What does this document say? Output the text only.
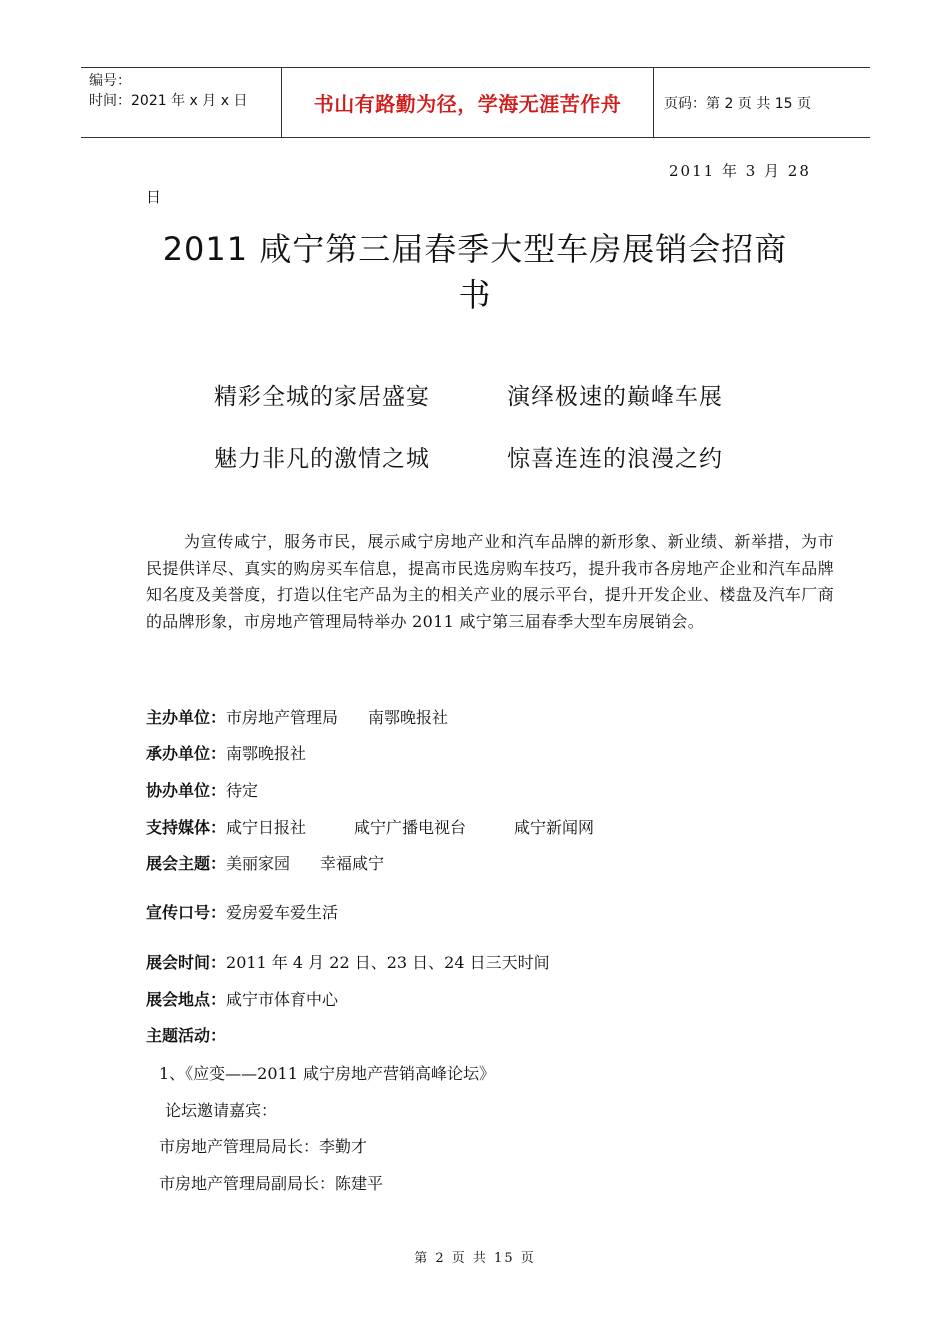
编号：
时间：2021 年 x 月 x 日	书山有路勤为径，学海无涯苦作舟	页码：第 2 页 共 15 页
2011 年 3 月 28
日
2011 咸宁第三届春季大型车房展销会招商
书
精彩全城的家居盛宴	演绎极速的巅峰车展
魅力非凡的激情之城	惊喜连连的浪漫之约
为宣传咸宁，服务市民，展示咸宁房地产业和汽车品牌的新形象、新业绩、新举措，为市民提供详尽、真实的购房买车信息，提高市民选房购车技巧，提升我市各房地产企业和汽车品牌知名度及美誉度，打造以住宅产品为主的相关产业的展示平台，提升开发企业、楼盘及汽车厂商的品牌形象，市房地产管理局特举办 2011 咸宁第三届春季大型车房展销会。
主办单位：市房地产管理局 南鄂晚报社
承办单位：南鄂晚报社
协办单位：待定
支持媒体：咸宁日报社	咸宁广播电视台	咸宁新闻网
展会主题：美丽家园 幸福咸宁
宣传口号：爱房爱车爱生活
展会时间：2011 年 4 月 22 日、23 日、24 日三天时间
展会地点：咸宁市体育中心
主题活动：
1、《应变——2011 咸宁房地产营销高峰论坛》
论坛邀请嘉宾：
市房地产管理局局长：李勤才
市房地产管理局副局长：陈建平
第 2 页 共 15 页
